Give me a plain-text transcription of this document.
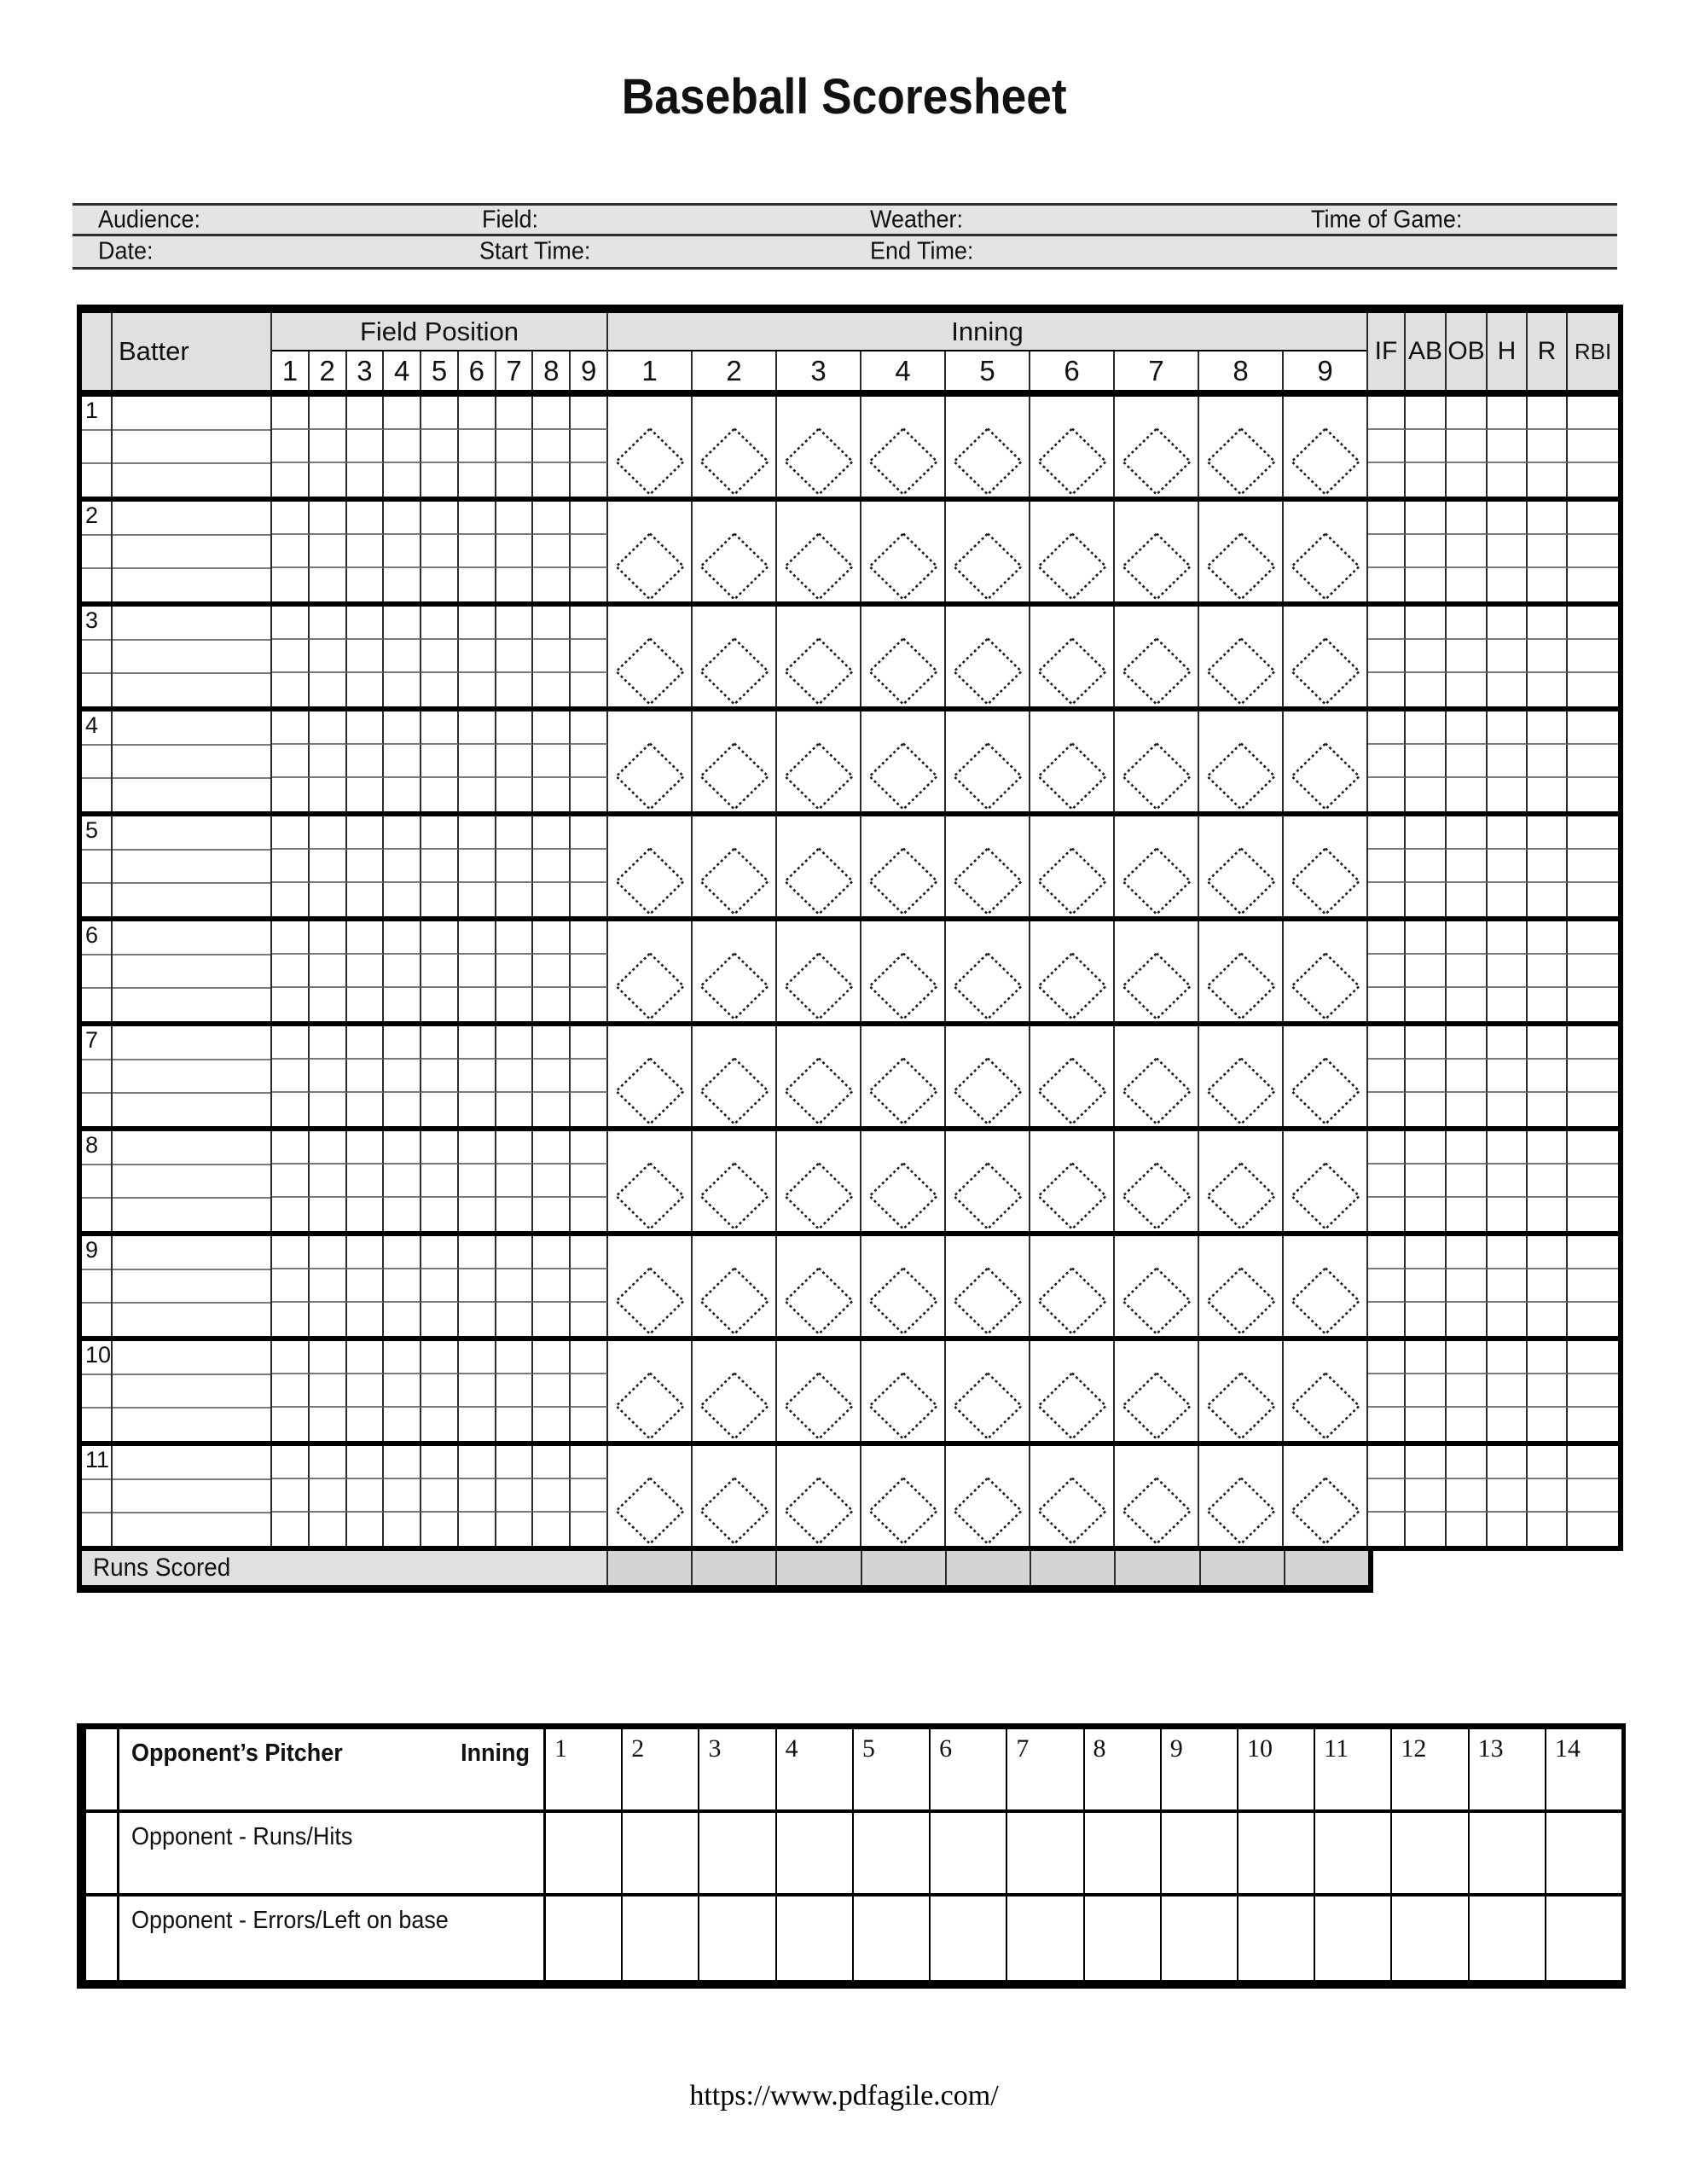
Baseball Scoresheet
Audience:	Field:	Weather:	Time of Game:
Date:	Start Time:	End Time:
Batter
Field Position
1 2 3 4 5 6 7 8 9
Inning
1	2	3	4	5	6	7	8	9
IF AB OB H R RBI
1
2
3
4
5
6
7
8
9
10
11
Runs Scored
Opponent’s Pitcher	Inning 1	2	3	4	5	6	7	8	9	10	11	12	13	14
Opponent - Runs/Hits
Opponent - Errors/Left on base
https://www.pdfagile.com/
